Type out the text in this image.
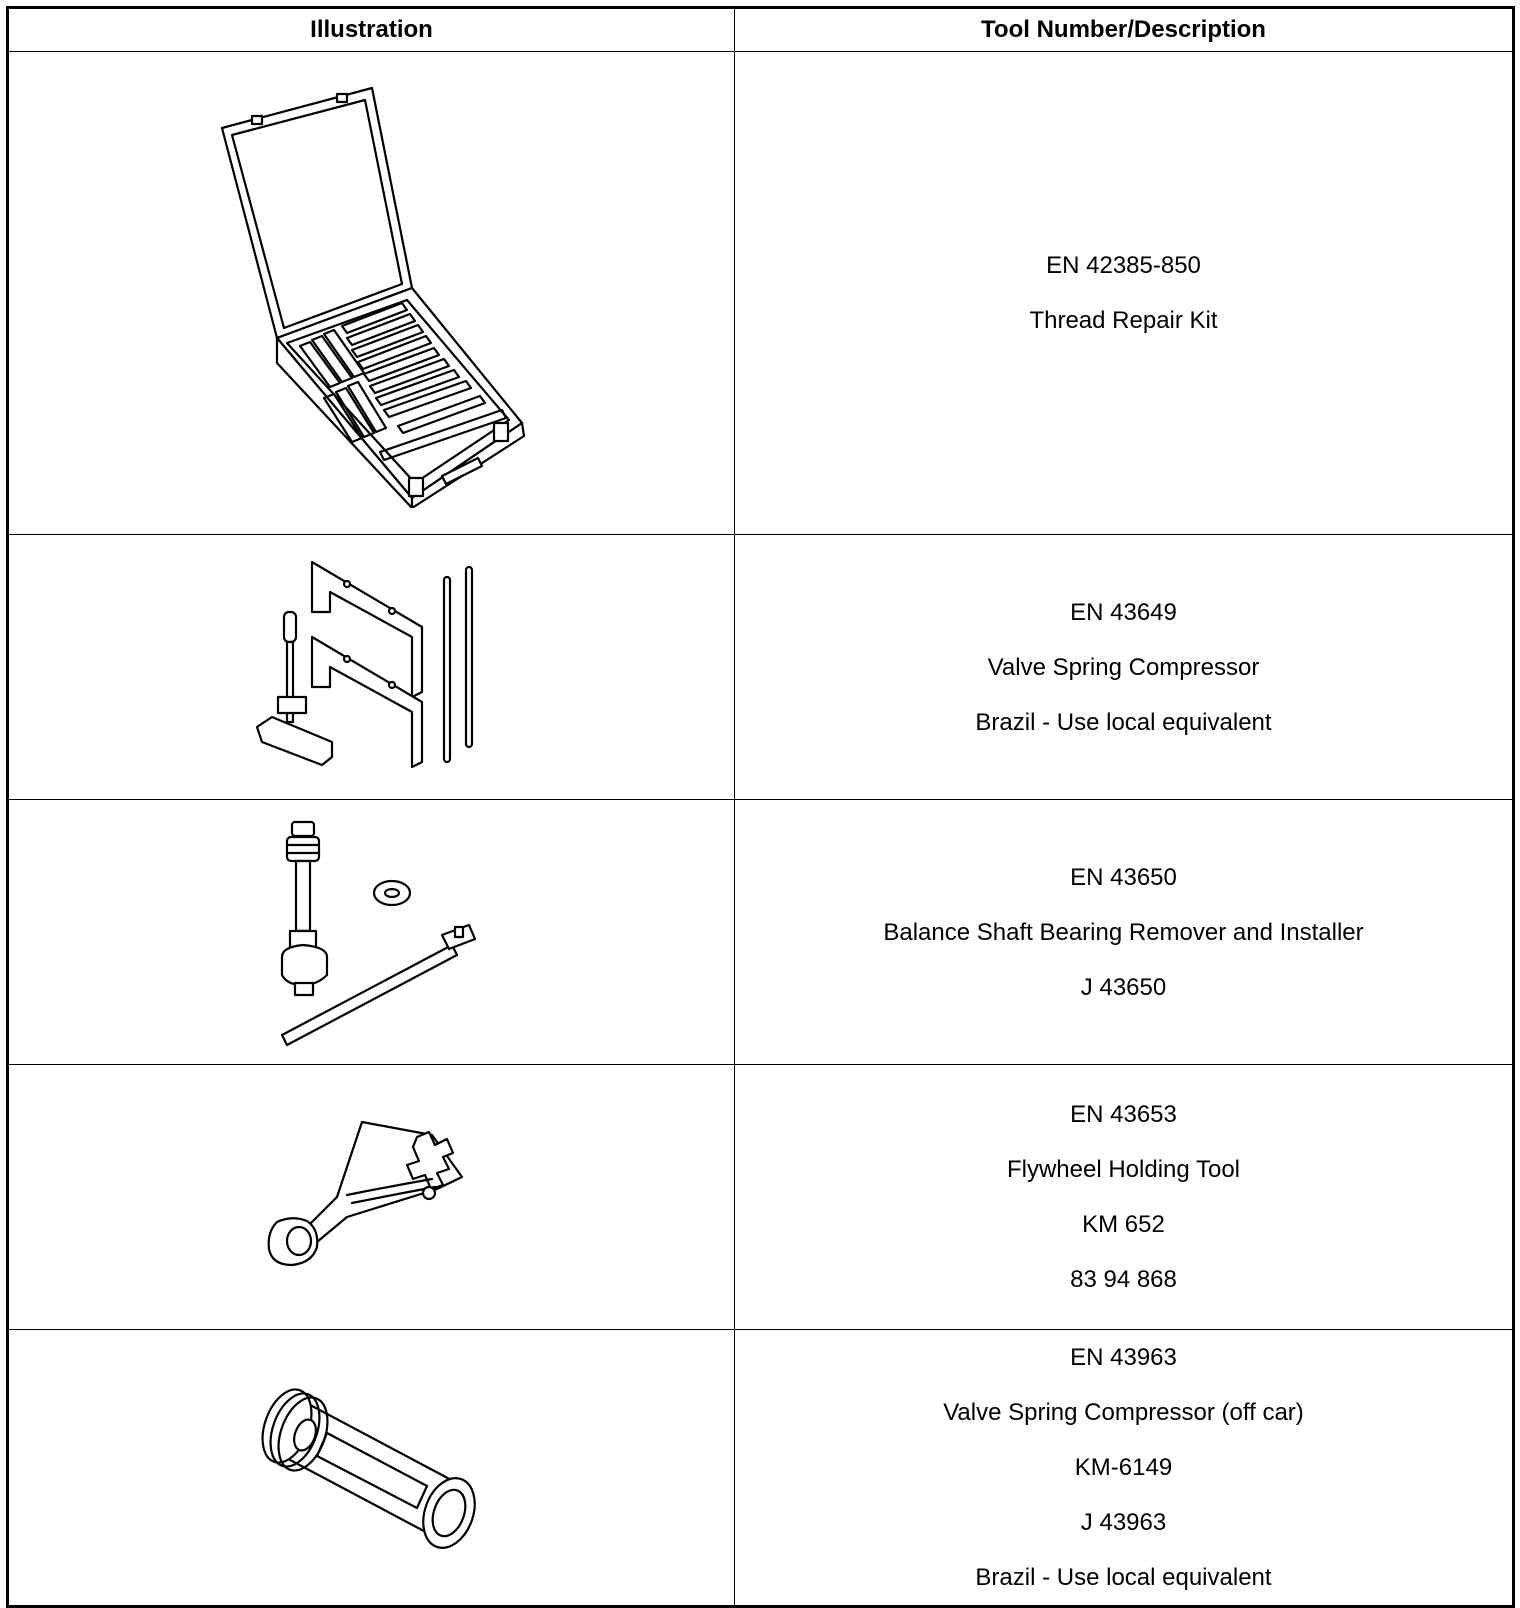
Illustration	Tool Number/Description

EN 42385-850
Thread Repair Kit

EN 43649
Valve Spring Compressor
Brazil - Use local equivalent

EN 43650
Balance Shaft Bearing Remover and Installer
J 43650

EN 43653
Flywheel Holding Tool
KM 652
83 94 868

EN 43963
Valve Spring Compressor (off car)
KM-6149
J 43963
Brazil - Use local equivalent
